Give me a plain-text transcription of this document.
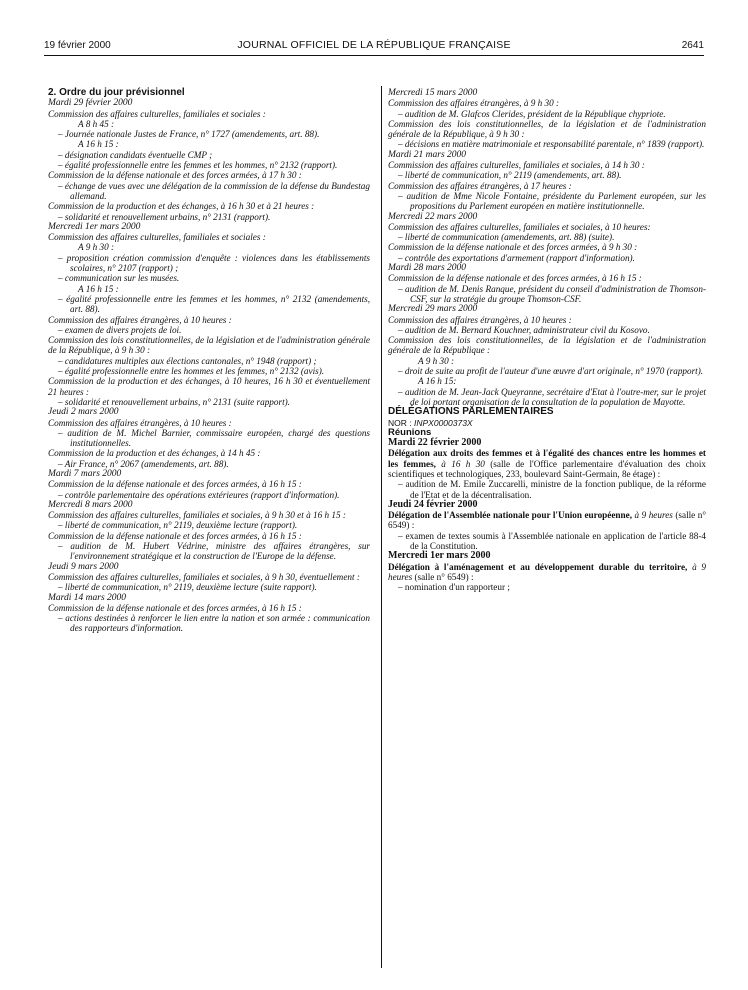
19 février 2000	JOURNAL OFFICIEL DE LA RÉPUBLIQUE FRANÇAISE	2641

2. Ordre du jour prévisionnel

Mardi 29 février 2000

Commission des affaires culturelles, familiales et sociales :

A 8 h 45 :

– Journée nationale Justes de France, n° 1727 (amendements, art. 88).

A 16 h 15 :

– désignation candidats éventuelle CMP ;

– égalité professionnelle entre les femmes et les hommes, n° 2132 (rapport).

Commission de la défense nationale et des forces armées, à 17 h 30 :

– échange de vues avec une délégation de la commission de la défense du Bundestag allemand.

Commission de la production et des échanges, à 16 h 30 et à 21 heures :

– solidarité et renouvellement urbains, n° 2131 (rapport).

Mercredi 1er mars 2000

Commission des affaires culturelles, familiales et sociales :

A 9 h 30 :

– proposition création commission d'enquête : violences dans les établissements scolaires, n° 2107 (rapport) ;

– communication sur les musées.

A 16 h 15 :

– égalité professionnelle entre les femmes et les hommes, n° 2132 (amendements, art. 88).

Commission des affaires étrangères, à 10 heures :

– examen de divers projets de loi.

Commission des lois constitutionnelles, de la législation et de l'administration générale de la République, à 9 h 30 :

– candidatures multiples aux élections cantonales, n° 1948 (rapport) ;

– égalité professionnelle entre les hommes et les femmes, n° 2132 (avis).

Commission de la production et des échanges, à 10 heures, 16 h 30 et éventuellement 21 heures :

– solidarité et renouvellement urbains, n° 2131 (suite rapport).

Jeudi 2 mars 2000

Commission des affaires étrangères, à 10 heures :

– audition de M. Michel Barnier, commissaire européen, chargé des questions institutionnelles.

Commission de la production et des échanges, à 14 h 45 :

– Air France, n° 2067 (amendements, art. 88).

Mardi 7 mars 2000

Commission de la défense nationale et des forces armées, à 16 h 15 :

– contrôle parlementaire des opérations extérieures (rapport d'information).

Mercredi 8 mars 2000

Commission des affaires culturelles, familiales et sociales, à 9 h 30 et à 16 h 15 :

– liberté de communication, n° 2119, deuxième lecture (rapport).

Commission de la défense nationale et des forces armées, à 16 h 15 :

– audition de M. Hubert Védrine, ministre des affaires étrangères, sur l'environnement stratégique et la construction de l'Europe de la défense.

Jeudi 9 mars 2000

Commission des affaires culturelles, familiales et sociales, à 9 h 30, éventuellement :

– liberté de communication, n° 2119, deuxième lecture (suite rapport).

Mardi 14 mars 2000

Commission de la défense nationale et des forces armées, à 16 h 15 :

– actions destinées à renforcer le lien entre la nation et son armée : communication des rapporteurs d'information.

Mercredi 15 mars 2000

Commission des affaires étrangères, à 9 h 30 :

– audition de M. Glafcos Clerides, président de la République chypriote.

Commission des lois constitutionnelles, de la législation et de l'administration générale de la République, à 9 h 30 :

– décisions en matière matrimoniale et responsabilité parentale, n° 1839 (rapport).

Mardi 21 mars 2000

Commission des affaires culturelles, familiales et sociales, à 14 h 30 :

– liberté de communication, n° 2119 (amendements, art. 88).

Commission des affaires étrangères, à 17 heures :

– audition de Mme Nicole Fontaine, présidente du Parlement européen, sur les propositions du Parlement européen en matière institutionnelle.

Mercredi 22 mars 2000

Commission des affaires culturelles, familiales et sociales, à 10 heures:

– liberté de communication (amendements, art. 88) (suite).

Commission de la défense nationale et des forces armées, à 9 h 30 :

– contrôle des exportations d'armement (rapport d'information).

Mardi 28 mars 2000

Commission de la défense nationale et des forces armées, à 16 h 15 :

– audition de M. Denis Ranque, président du conseil d'administration de Thomson-CSF, sur la stratégie du groupe Thomson-CSF.

Mercredi 29 mars 2000

Commission des affaires étrangères, à 10 heures :

– audition de M. Bernard Kouchner, administrateur civil du Kosovo.

Commission des lois constitutionnelles, de la législation et de l'administration générale de la République :

A 9 h 30 :

– droit de suite au profit de l'auteur d'une œuvre d'art originale, n° 1970 (rapport).

A 16 h 15:

– audition de M. Jean-Jack Queyranne, secrétaire d'Etat à l'outre-mer, sur le projet de loi portant organisation de la consultation de la population de Mayotte.

DÉLÉGATIONS PARLEMENTAIRES

NOR : INPX0000373X

Réunions

Mardi 22 février 2000

Délégation aux droits des femmes et à l'égalité des chances entre les hommes et les femmes, à 16 h 30 (salle de l'Office parlementaire d'évaluation des choix scientifiques et technologiques, 233, boulevard Saint-Germain, 8e étage) :

– audition de M. Emile Zuccarelli, ministre de la fonction publique, de la réforme de l'Etat et de la décentralisation.

Jeudi 24 février 2000

Délégation de l'Assemblée nationale pour l'Union européenne, à 9 heures (salle n° 6549) :

– examen de textes soumis à l'Assemblée nationale en application de l'article 88-4 de la Constitution.

Mercredi 1er mars 2000

Délégation à l'aménagement et au développement durable du territoire, à 9 heures (salle n° 6549) :

– nomination d'un rapporteur ;
